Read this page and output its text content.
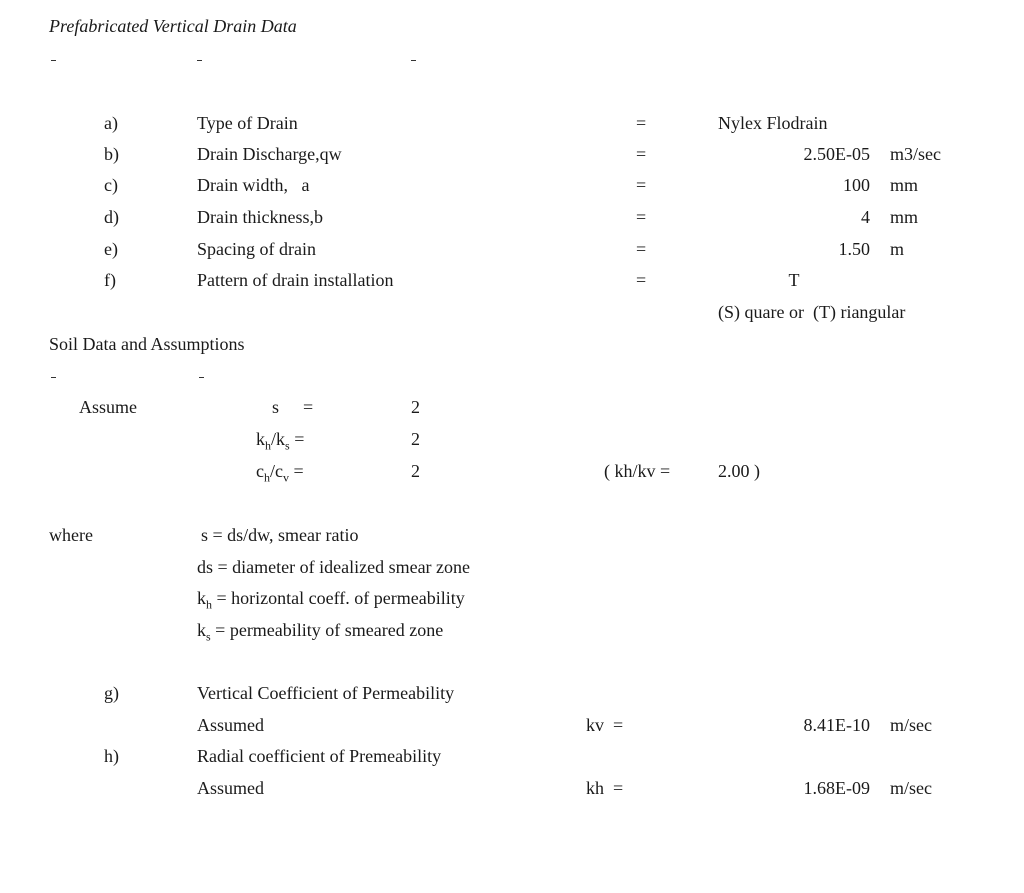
Prefabricated Vertical Drain Data
a)	Type of Drain	=	Nylex Flodrain
b)	Drain Discharge,qw	=	2.50E-05 m3/sec
c)	Drain width,   a	=	100 mm
d)	Drain thickness,b	=	4 mm
e)	Spacing of drain	=	1.50 m
f)	Pattern of drain installation	=	T
(S) quare or  (T) riangular
Soil Data and Assumptions
Assume	s =	2
$k_h/k_s$ =	2
$c_h/c_v$ =	2	( kh/kv =	2.00 )
where	s = ds/dw, smear ratio
ds = diameter of idealized smear zone
$k_h$ = horizontal coeff. of permeability
$k_s$ = permeability of smeared zone
g)	Vertical Coefficient of Permeability
Assumed	kv  =	8.41E-10 m/sec
h)	Radial coefficient of Premeability
Assumed	kh  =	1.68E-09 m/sec
